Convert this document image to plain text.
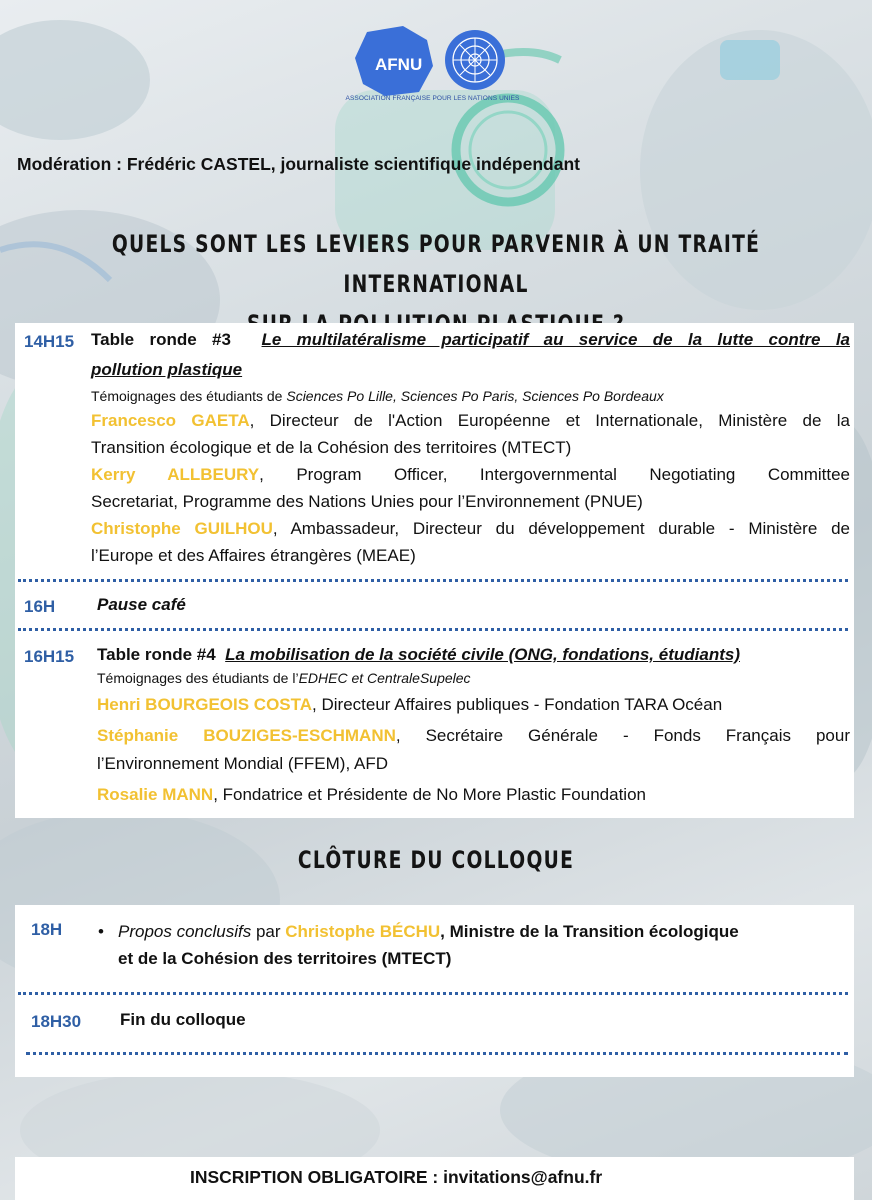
AFNU
ASSOCIATION FRANÇAISE POUR LES NATIONS UNIES
Modération : Frédéric CASTEL, journaliste scientifique indépendant
QUELS SONT LES LEVIERS POUR PARVENIR À UN TRAITÉ INTERNATIONAL
14H15 Table ronde #3 Le multilatéralisme participatif au service de la lutte contre la
pollution plastique
Témoignages des étudiants de Sciences Po Lille, Sciences Po Paris, Sciences Po Bordeaux
Francesco GAETA, Directeur de l'Action Européenne et Internationale, Ministère de la
Transition écologique et de la Cohésion des territoires (MTECT)
Kerry ALLBEURY, Program Officer, Intergovernmental Negotiating Committee
Secretariat, Programme des Nations Unies pour l’Environnement (PNUE)
Christophe GUILHOU, Ambassadeur, Directeur du développement durable - Ministère de
l’Europe et des Affaires étrangères (MEAE)
16H Pause café
16H15 Table ronde #4 La mobilisation de la société civile (ONG, fondations, étudiants)
Témoignages des étudiants de l’EDHEC et CentraleSupelec
Henri BOURGEOIS COSTA, Directeur Affaires publiques - Fondation TARA Océan
Stéphanie BOUZIGES-ESCHMANN, Secrétaire Générale - Fonds Français pour
l’Environnement Mondial (FFEM), AFD
Rosalie MANN, Fondatrice et Présidente de No More Plastic Foundation
CLÔTURE DU COLLOQUE
18H • Propos conclusifs par Christophe BÉCHU, Ministre de la Transition écologique
et de la Cohésion des territoires (MTECT)
18H30 Fin du colloque
INSCRIPTION OBLIGATOIRE : invitations@afnu.fr
